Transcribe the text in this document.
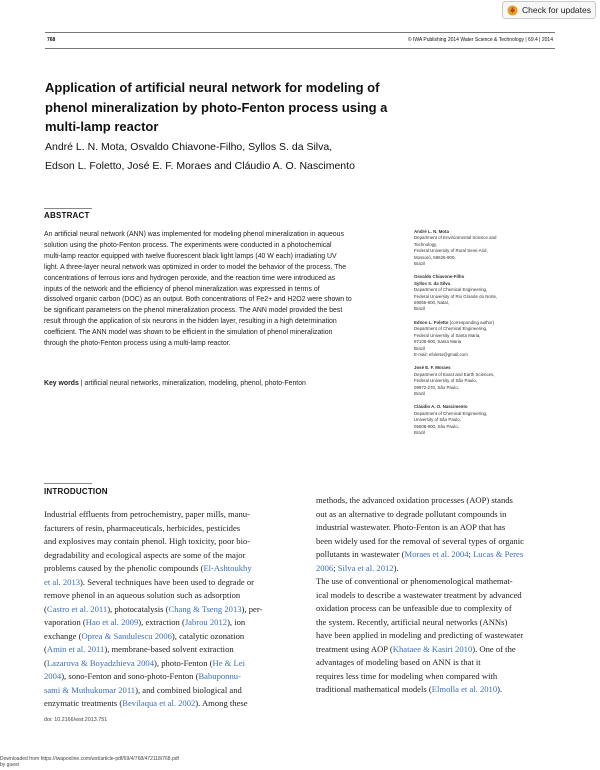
Check for updates
768	© IWA Publishing 2014 Water Science & Technology | 69.4 | 2014
Application of artificial neural network for modeling of
phenol mineralization by photo-Fenton process using a
multi-lamp reactor
André L. N. Mota, Osvaldo Chiavone-Filho, Syllos S. da Silva,
Edson L. Foletto, José E. F. Moraes and Cláudio A. O. Nascimento
ABSTRACT
An artificial neural network (ANN) was implemented for modeling phenol mineralization in aqueous
solution using the photo-Fenton process. The experiments were conducted in a photochemical
multi-lamp reactor equipped with twelve fluorescent black light lamps (40 W each) irradiating UV
light. A three-layer neural network was optimized in order to model the behavior of the process. The
concentrations of ferrous ions and hydrogen peroxide, and the reaction time were introduced as
inputs of the network and the efficiency of phenol mineralization was expressed in terms of
dissolved organic carbon (DOC) as an output. Both concentrations of Fe2+ and H2O2 were shown to
be significant parameters on the phenol mineralization process. The ANN model provided the best
result through the application of six neurons in the hidden layer, resulting in a high determination
coefficient. The ANN model was shown to be efficient in the simulation of phenol mineralization
through the photo-Fenton process using a multi-lamp reactor.
Key words | artificial neural networks, mineralization, modeling, phenol, photo-Fenton
André L. N. Mota
Department of Environmental Science and
Technology,
Federal University of Rural Semi-Arid,
Mossoró, 59625-900,
Brazil
Osvaldo Chiavone-Filho
Syllos S. da Silva
Department of Chemical Engineering,
Federal University of Rio Grande do Norte,
59066-800, Natal,
Brazil
Edson L. Foletto (corresponding author)
Department of Chemical Engineering,
Federal University of Santa Maria,
97105-900, Santa Maria
Brazil
E-mail: efoletto@gmail.com
José E. F. Moraes
Department of Exact and Earth Sciences,
Federal University of São Paulo,
09972-270, São Paulo,
Brazil
Cláudio A. O. Nascimento
Department of Chemical Engineering,
University of São Paulo,
05508-900, São Paulo,
Brazil
INTRODUCTION
Industrial effluents from petrochemistry, paper mills, manu-
facturers of resin, pharmaceuticals, herbicides, pesticides
and explosives may contain phenol. High toxicity, poor bio-
degradability and ecological aspects are some of the major
problems caused by the phenolic compounds (El-Ashtoukhy
et al. 2013). Several techniques have been used to degrade or
remove phenol in an aqueous solution such as adsorption
(Castro et al. 2011), photocatalysis (Chang & Tseng 2013), per-
vaporation (Hao et al. 2009), extraction (Jabrou 2012), ion
exchange (Oprea & Sandulescu 2006), catalytic ozonation
(Amin et al. 2011), membrane-based solvent extraction
(Lazarova & Boyadzhieva 2004), photo-Fenton (He & Lei
2004), sono-Fenton and sono-photo-Fenton (Babuponnu-
sami & Muthukumar 2011), and combined biological and
enzymatic treatments (Bevilaqua et al. 2002). Among these
methods, the advanced oxidation processes (AOP) stands
out as an alternative to degrade pollutant compounds in
industrial wastewater. Photo-Fenton is an AOP that has
been widely used for the removal of several types of organic
pollutants in wastewater (Moraes et al. 2004; Lucas & Peres
2006; Silva et al. 2012).
The use of conventional or phenomenological mathemat-
ical models to describe a wastewater treatment by advanced
oxidation process can be unfeasible due to complexity of
the system. Recently, artificial neural networks (ANNs)
have been applied in modeling and predicting of wastewater
treatment using AOP (Khataee & Kasiri 2010). One of the
advantages of modeling based on ANN is that it
requires less time for modeling when compared with
traditional mathematical models (Elmolla et al. 2010).
doi: 10.2166/wst.2013.751
Downloaded from https://iwaponline.com/wst/article-pdf/69/4/768/472118/768.pdf
by guest
